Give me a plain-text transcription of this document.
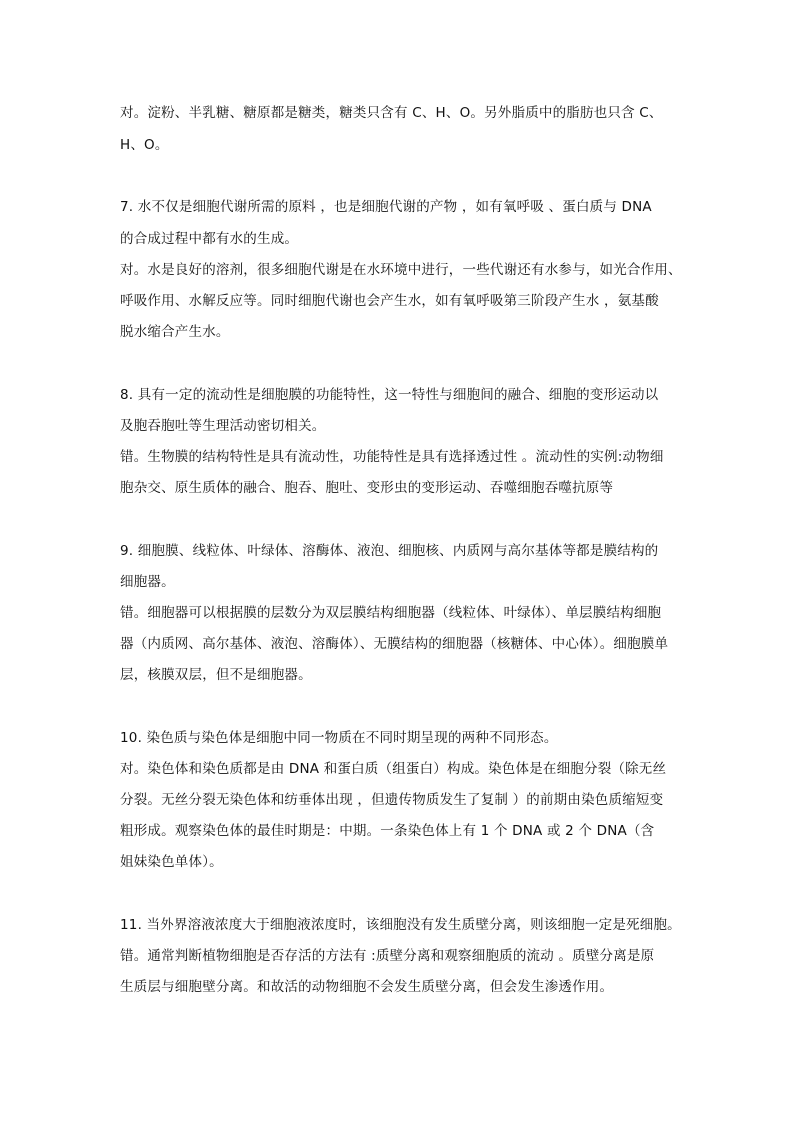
对。淀粉、半乳糖、糖原都是糖类，糖类只含有 C、H、O。另外脂质中的脂肪也只含 C、
H、O。
7. 水不仅是细胞代谢所需的原料 ，也是细胞代谢的产物 ，如有氧呼吸 、蛋白质与 DNA
的合成过程中都有水的生成。
对。水是良好的溶剂，很多细胞代谢是在水环境中进行，一些代谢还有水参与，如光合作用、
呼吸作用、水解反应等。同时细胞代谢也会产生水，如有氧呼吸第三阶段产生水 ，氨基酸
脱水缩合产生水。
8. 具有一定的流动性是细胞膜的功能特性，这一特性与细胞间的融合、细胞的变形运动以
及胞吞胞吐等生理活动密切相关。
错。生物膜的结构特性是具有流动性，功能特性是具有选择透过性 。流动性的实例:动物细
胞杂交、原生质体的融合、胞吞、胞吐、变形虫的变形运动、吞噬细胞吞噬抗原等
9. 细胞膜、线粒体、叶绿体、溶酶体、液泡、细胞核、内质网与高尔基体等都是膜结构的
细胞器。
错。细胞器可以根据膜的层数分为双层膜结构细胞器（线粒体、叶绿体）、单层膜结构细胞
器（内质网、高尔基体、液泡、溶酶体）、无膜结构的细胞器（核糖体、中心体）。细胞膜单
层，核膜双层，但不是细胞器。
10. 染色质与染色体是细胞中同一物质在不同时期呈现的两种不同形态。
对。染色体和染色质都是由 DNA 和蛋白质（组蛋白）构成。染色体是在细胞分裂（除无丝
分裂。无丝分裂无染色体和纺垂体出现 ，但遗传物质发生了复制 ）的前期由染色质缩短变
粗形成。观察染色体的最佳时期是：中期。一条染色体上有 1 个 DNA 或 2 个 DNA（含
姐妹染色单体）。
11. 当外界溶液浓度大于细胞液浓度时，该细胞没有发生质壁分离，则该细胞一定是死细胞。
错。通常判断植物细胞是否存活的方法有 :质壁分离和观察细胞质的流动 。质壁分离是原
生质层与细胞壁分离。和故活的动物细胞不会发生质壁分离，但会发生渗透作用。
